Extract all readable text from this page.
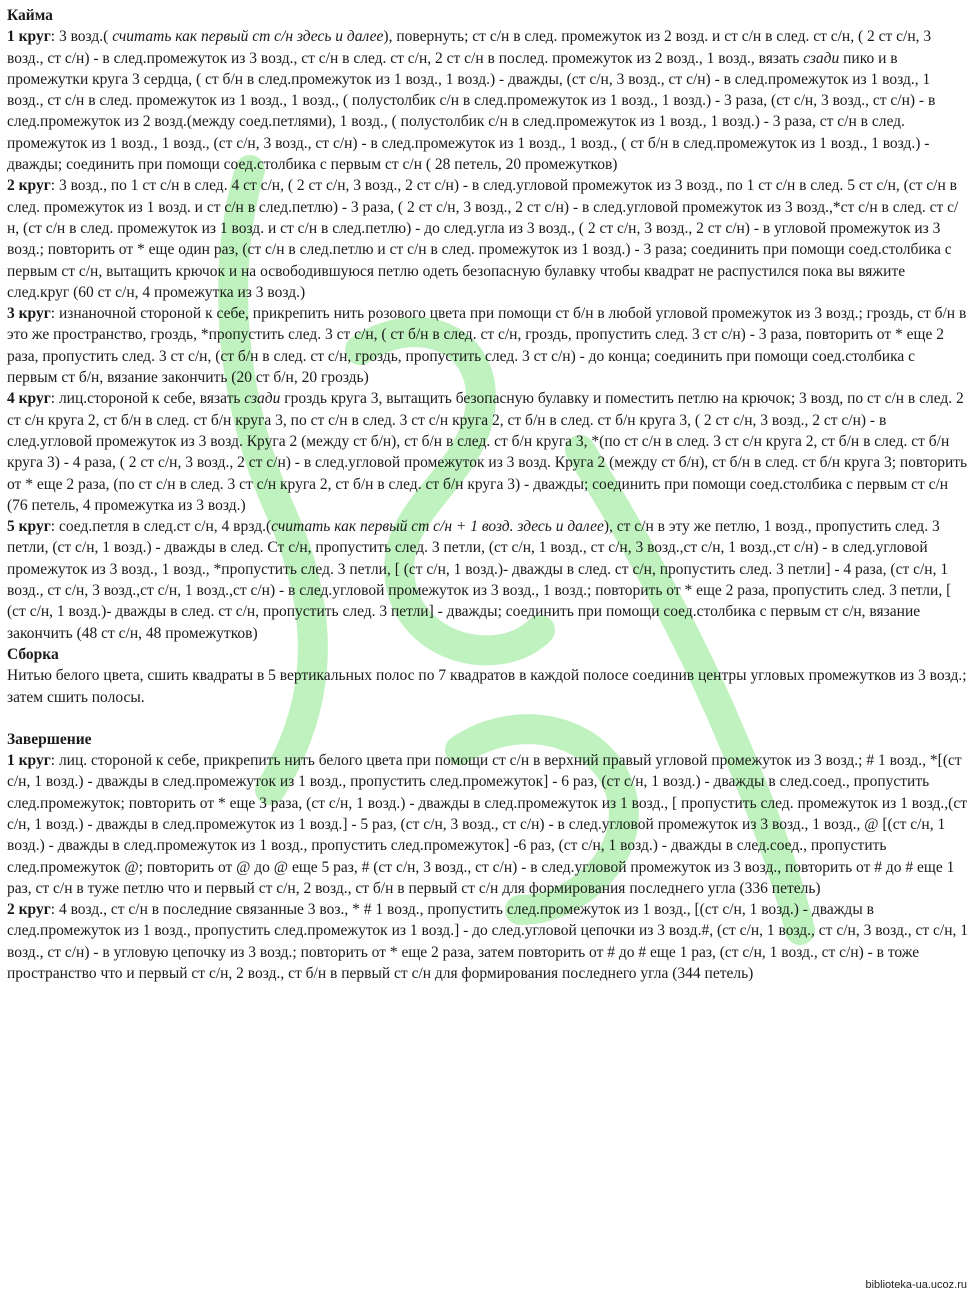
Кайма

1 круг: 3 возд.( считать как первый ст с/н здесь и далее), повернуть; ст с/н в след. промежуток из 2 возд. и ст с/н в след. ст с/н, ( 2 ст с/н, 3 возд., ст с/н) - в след.промежуток из 3 возд., ст с/н в след. ст с/н, 2 ст с/н в послед. промежуток из 2 возд., 1 возд., вязать сзади пико и в промежутки круга 3 сердца, ( ст б/н в след.промежуток из 1 возд., 1 возд.) - дважды, (ст с/н, 3 возд., ст с/н) - в след.промежуток из 1 возд., 1 возд., ст с/н в след. промежуток из 1 возд., 1 возд., ( полустолбик с/н в след.промежуток из 1 возд., 1 возд.) - 3 раза, (ст с/н, 3 возд., ст с/н) - в след.промежуток из 2 возд.(между соед.петлями), 1 возд., ( полустолбик с/н в след.промежуток из 1 возд., 1 возд.) - 3 раза, ст с/н в след. промежуток из 1 возд., 1 возд., (ст с/н, 3 возд., ст с/н) - в след.промежуток из 1 возд., 1 возд., ( ст б/н в след.промежуток из 1 возд., 1 возд.) - дважды; соединить при помощи соед.столбика с первым ст с/н ( 28 петель, 20 промежутков)

2 круг: 3 возд., по 1 ст с/н в след. 4 ст с/н, ( 2 ст с/н, 3 возд., 2 ст с/н) - в след.угловой промежуток из 3 возд., по 1 ст с/н в след. 5 ст с/н, (ст с/н в след. промежуток из 1 возд. и ст с/н в след.петлю) - 3 раза, ( 2 ст с/н, 3 возд., 2 ст с/н) - в след.угловой промежуток из 3 возд.,*ст с/н в след. ст с/н, (ст с/н в след. промежуток из 1 возд. и ст с/н в след.петлю) - до след.угла из 3 возд., ( 2 ст с/н, 3 возд., 2 ст с/н) - в угловой промежуток из 3 возд.; повторить от * еще один раз, (ст с/н в след.петлю и ст с/н в след. промежуток из 1 возд.) - 3 раза; соединить при помощи соед.столбика с первым ст с/н, вытащить крючок и на освободившуюся петлю одеть безопасную булавку чтобы квадрат не распустился пока вы вяжите след.круг (60 ст с/н, 4 промежутка из 3 возд.)

3 круг: изнаночной стороной к себе, прикрепить нить розового цвета при помощи ст б/н в любой угловой промежуток из 3 возд.; гроздь, ст б/н в это же пространство, гроздь, *пропустить след. 3 ст с/н, ( ст б/н в след. ст с/н, гроздь, пропустить след. 3 ст с/н) - 3 раза, повторить от * еще 2 раза, пропустить след. 3 ст с/н, (ст б/н в след. ст с/н, гроздь, пропустить след. 3 ст с/н) - до конца; соединить при помощи соед.столбика с первым ст б/н, вязание закончить (20 ст б/н, 20 гроздь)

4 круг: лиц.стороной к себе, вязать сзади гроздь круга 3, вытащить безопасную булавку и поместить петлю на крючок; 3 возд, по ст с/н в след. 2 ст с/н круга 2, ст б/н в след. ст б/н круга 3, по ст с/н в след. 3 ст с/н круга 2, ст б/н в след. ст б/н круга 3, ( 2 ст с/н, 3 возд., 2 ст с/н) - в след.угловой промежуток из 3 возд. Круга 2 (между ст б/н), ст б/н в след. ст б/н круга 3, *(по ст с/н в след. 3 ст с/н круга 2, ст б/н в след. ст б/н круга 3) - 4 раза, ( 2 ст с/н, 3 возд., 2 ст с/н) - в след.угловой промежуток из 3 возд. Круга 2 (между ст б/н), ст б/н в след. ст б/н круга 3; повторить от * еще 2 раза, (по ст с/н в след. 3 ст с/н круга 2, ст б/н в след. ст б/н круга 3) - дважды; соединить при помощи соед.столбика с первым ст с/н (76 петель, 4 промежутка из 3 возд.)

5 круг: соед.петля в след.ст с/н, 4 врзд.(считать как первый ст с/н + 1 возд. здесь и далее), ст с/н в эту же петлю, 1 возд., пропустить след. 3 петли, (ст с/н, 1 возд.) - дважды в след. Ст с/н, пропустить след. 3 петли, (ст с/н, 1 возд., ст с/н, 3 возд.,ст с/н, 1 возд.,ст с/н) - в след.угловой промежуток из 3 возд., 1 возд., *пропустить след. 3 петли, [ (ст с/н, 1 возд.)- дважды в след. ст с/н, пропустить след. 3 петли] - 4 раза, (ст с/н, 1 возд., ст с/н, 3 возд.,ст с/н, 1 возд.,ст с/н) - в след.угловой промежуток из 3 возд., 1 возд.; повторить от * еще 2 раза, пропустить след. 3 петли, [ (ст с/н, 1 возд.)- дважды в след. ст с/н, пропустить след. 3 петли] - дважды; соединить при помощи соед.столбика с первым ст с/н, вязание закончить (48 ст с/н, 48 промежутков)

Сборка

Нитью белого цвета, сшить квадраты в 5 вертикальных полос по 7 квадратов в каждой полосе соединив центры угловых промежутков из 3 возд.; затем сшить полосы.

Завершение

1 круг: лиц. стороной к себе, прикрепить нить белого цвета при помощи ст с/н в верхний правый угловой промежуток из 3 возд.; # 1 возд., *[(ст с/н, 1 возд.) - дважды в след.промежуток из 1 возд., пропустить след.промежуток] - 6 раз, (ст с/н, 1 возд.) - дважды в след.соед., пропустить след.промежуток; повторить от * еще 3 раза, (ст с/н, 1 возд.) - дважды в след.промежуток из 1 возд., [ пропустить след. промежуток из 1 возд.,(ст с/н, 1 возд.) - дважды в след.промежуток из 1 возд.] - 5 раз, (ст с/н, 3 возд., ст с/н) - в след.угловой промежуток из 3 возд., 1 возд., @ [(ст с/н, 1 возд.) - дважды в след.промежуток из 1 возд., пропустить след.промежуток] -6 раз, (ст с/н, 1 возд.) - дважды в след.соед., пропустить след.промежуток @; повторить от @ до @ еще 5 раз, # (ст с/н, 3 возд., ст с/н) - в след.угловой промежуток из 3 возд., повторить от # до # еще 1 раз, ст с/н в туже петлю что и первый ст с/н, 2 возд., ст б/н в первый ст с/н для формирования последнего угла (336 петель)

2 круг: 4 возд., ст с/н в последние связанные 3 воз., * # 1 возд., пропустить след.промежуток из 1 возд., [(ст с/н, 1 возд.) - дважды в след.промежуток из 1 возд., пропустить след.промежуток из 1 возд.] - до след.угловой цепочки из 3 возд.#, (ст с/н, 1 возд., ст с/н, 3 возд., ст с/н, 1 возд., ст с/н) - в угловую цепочку из 3 возд.; повторить от * еще 2 раза, затем повторить от # до # еще 1 раз, (ст с/н, 1 возд., ст с/н) - в тоже пространство что и первый ст с/н, 2 возд., ст б/н в первый ст с/н для формирования последнего угла (344 петель)

biblioteka-ua.ucoz.ru
